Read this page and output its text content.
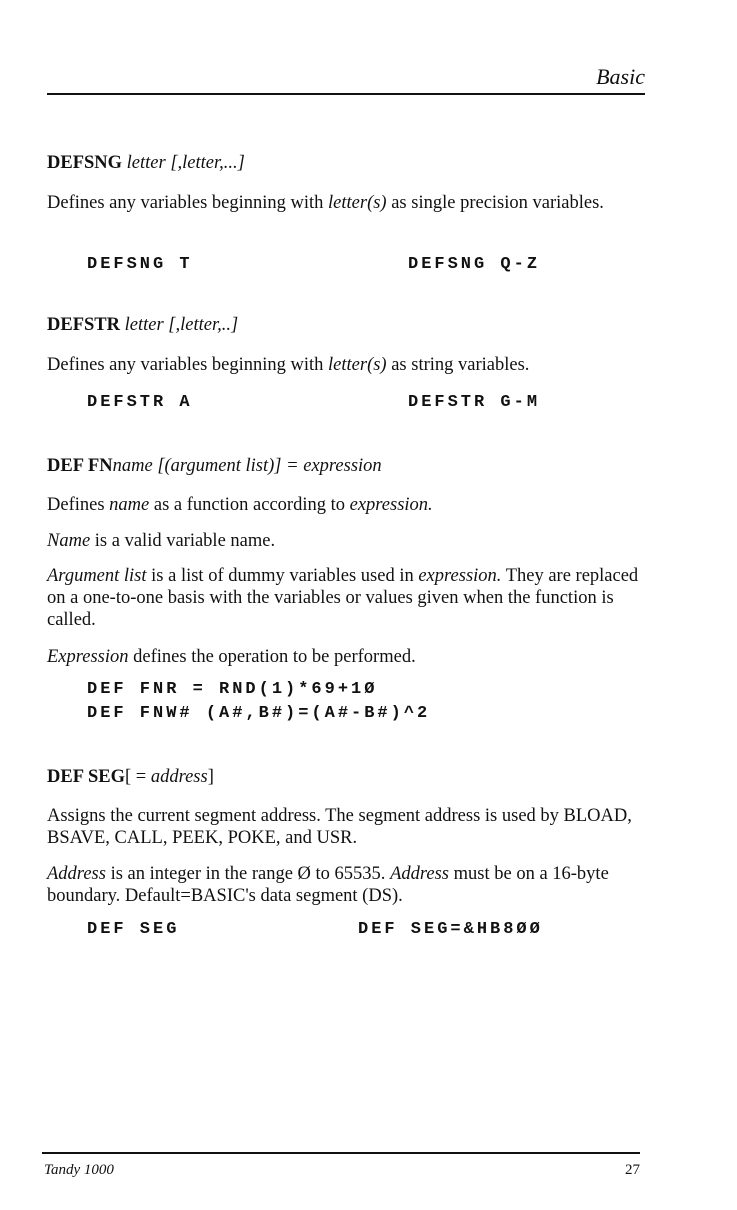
Basic
DEFSNG letter [,letter,...]
Defines any variables beginning with letter(s) as single precision variables.
DEFSNG T	DEFSNG Q-Z
DEFSTR letter [,letter,..]
Defines any variables beginning with letter(s) as string variables.
DEFSTR A	DEFSTR G-M
DEF FNname [(argument list)] = expression
Defines name as a function according to expression.
Name is a valid variable name.
Argument list is a list of dummy variables used in expression. They are replaced on a one-to-one basis with the variables or values given when the function is called.
Expression defines the operation to be performed.
DEF FNR = RND(1)*69+1Ø
DEF FNW# (A#,B#)=(A#-B#)^2
DEF SEG[ = address]
Assigns the current segment address. The segment address is used by BLOAD, BSAVE, CALL, PEEK, POKE, and USR.
Address is an integer in the range Ø to 65535. Address must be on a 16-byte boundary. Default=BASIC's data segment (DS).
DEF SEG	DEF SEG=&HB8ØØ
Tandy 1000	27
